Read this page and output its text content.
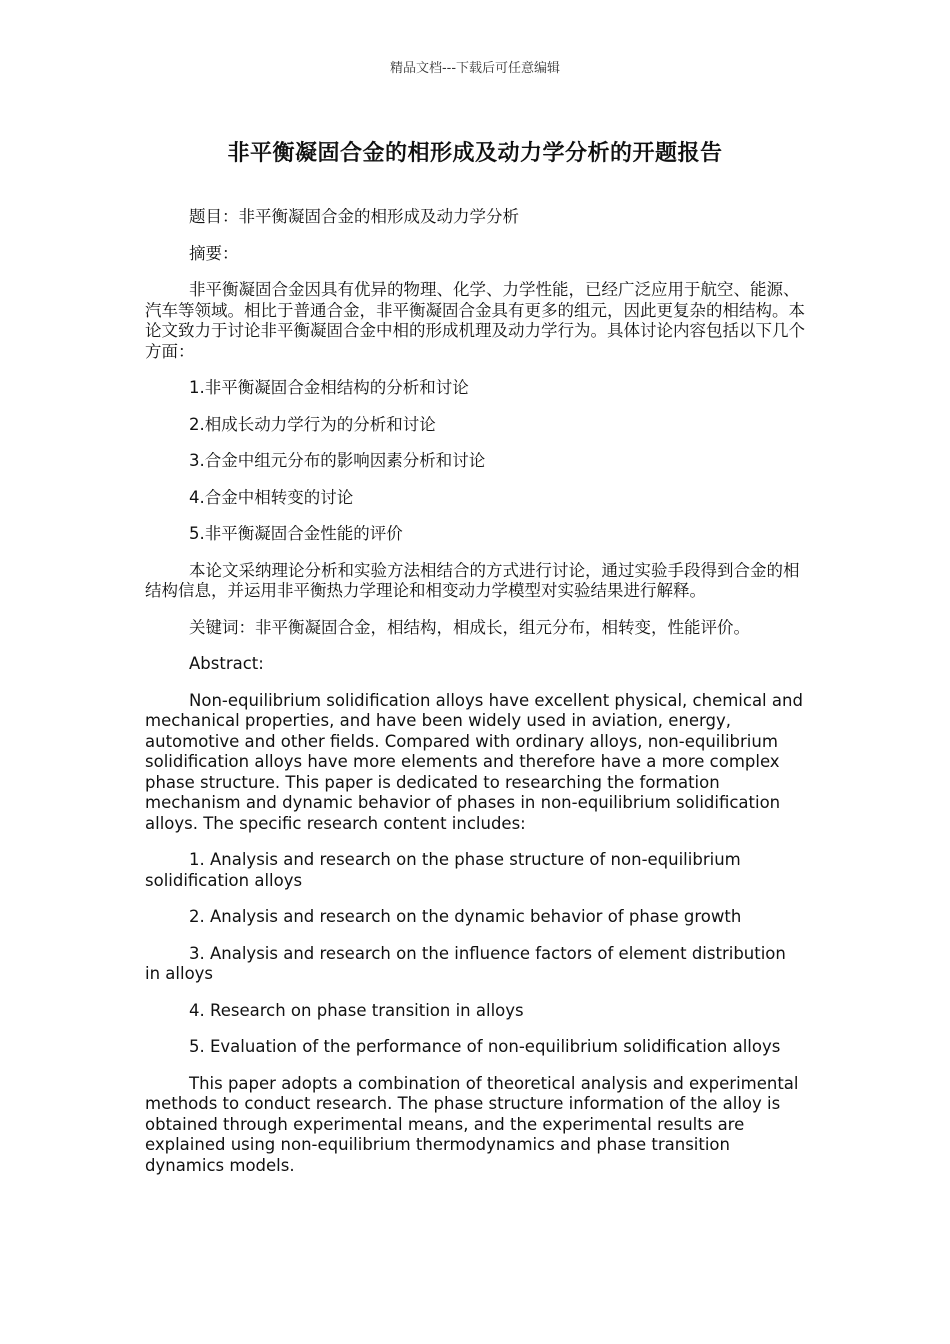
精品文档---下载后可任意编辑
非平衡凝固合金的相形成及动力学分析的开题报告

题目：非平衡凝固合金的相形成及动力学分析

摘要：

非平衡凝固合金因具有优异的物理、化学、力学性能，已经广泛应用于航空、能源、汽车等领域。相比于普通合金，非平衡凝固合金具有更多的组元，因此更复杂的相结构。本论文致力于讨论非平衡凝固合金中相的形成机理及动力学行为。具体讨论内容包括以下几个方面：

1.非平衡凝固合金相结构的分析和讨论

2.相成长动力学行为的分析和讨论

3.合金中组元分布的影响因素分析和讨论

4.合金中相转变的讨论

5.非平衡凝固合金性能的评价

本论文采纳理论分析和实验方法相结合的方式进行讨论，通过实验手段得到合金的相结构信息，并运用非平衡热力学理论和相变动力学模型对实验结果进行解释。

关键词：非平衡凝固合金，相结构，相成长，组元分布，相转变，性能评价。

Abstract:

Non-equilibrium solidification alloys have excellent physical, chemical and mechanical properties, and have been widely used in aviation, energy, automotive and other fields. Compared with ordinary alloys, non-equilibrium solidification alloys have more elements and therefore have a more complex phase structure. This paper is dedicated to researching the formation mechanism and dynamic behavior of phases in non-equilibrium solidification alloys. The specific research content includes:

1. Analysis and research on the phase structure of non-equilibrium solidification alloys

2. Analysis and research on the dynamic behavior of phase growth

3. Analysis and research on the influence factors of element distribution in alloys

4. Research on phase transition in alloys

5. Evaluation of the performance of non-equilibrium solidification alloys

This paper adopts a combination of theoretical analysis and experimental methods to conduct research. The phase structure information of the alloy is obtained through experimental means, and the experimental results are explained using non-equilibrium thermodynamics and phase transition dynamics models.
